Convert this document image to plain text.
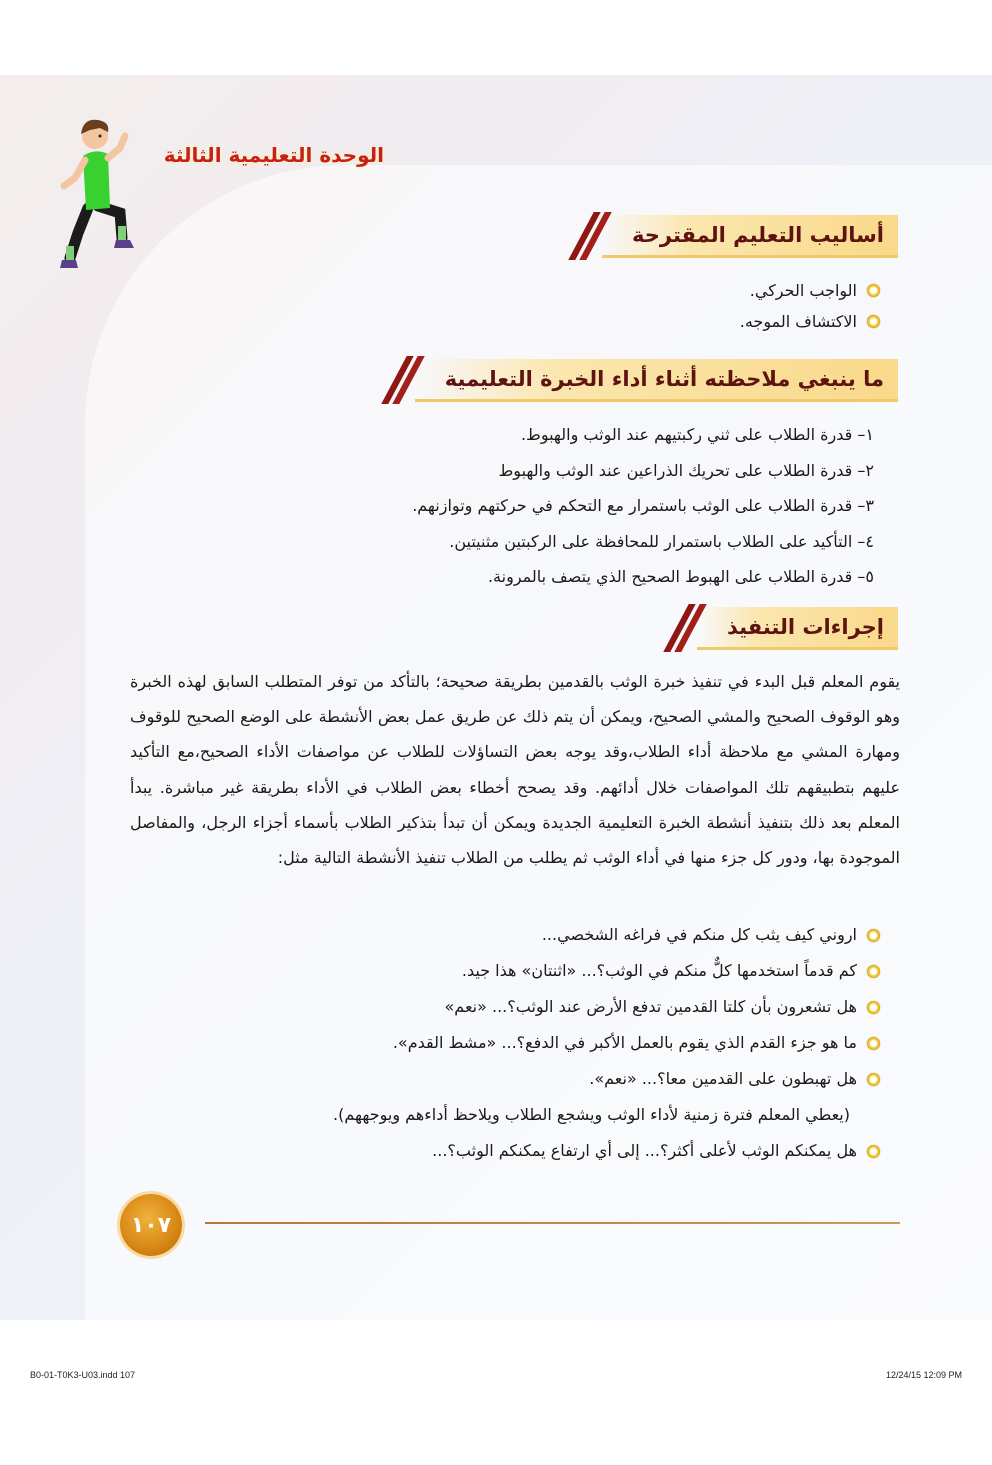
الوحدة التعليمية الثالثة
أساليب التعليم المقترحة
الواجب الحركي.
الاكتشاف الموجه.
ما ينبغي ملاحظته أثناء أداء الخبرة التعليمية
١– قدرة الطلاب على ثني ركبتيهم عند الوثب والهبوط.
٢– قدرة الطلاب على تحريك الذراعين عند الوثب والهبوط
٣– قدرة الطلاب على الوثب باستمرار مع التحكم في حركتهم وتوازنهم.
٤– التأكيد على الطلاب باستمرار للمحافظة على الركبتين مثنيتين.
٥– قدرة الطلاب على الهبوط الصحيح الذي يتصف بالمرونة.
إجراءات التنفيذ
يقوم المعلم قبل البدء في تنفيذ خبرة الوثب بالقدمين بطريقة صحيحة؛ بالتأكد من توفر المتطلب السابق لهذه الخبرة وهو الوقوف الصحيح والمشي الصحيح، ويمكن أن يتم ذلك عن طريق عمل بعض الأنشطة على الوضع الصحيح للوقوف ومهارة المشي مع ملاحظة أداء الطلاب،وقد يوجه بعض التساؤلات للطلاب عن مواصفات الأداء الصحيح،مع التأكيد عليهم بتطبيقهم تلك المواصفات خلال أدائهم. وقد يصحح أخطاء بعض الطلاب في الأداء بطريقة غير مباشرة. يبدأ المعلم بعد ذلك بتنفيذ أنشطة الخبرة التعليمية الجديدة ويمكن أن تبدأ بتذكير الطلاب بأسماء أجزاء الرجل، والمفاصل الموجودة بها، ودور كل جزء منها في أداء الوثب ثم يطلب من الطلاب تنفيذ الأنشطة التالية مثل:
اروني كيف يثب كل منكم في فراغه الشخصي...
كم قدماً استخدمها كلٌّ منكم في الوثب؟... «اثنتان» هذا جيد.
هل تشعرون بأن كلتا القدمين تدفع الأرض عند الوثب؟... «نعم»
ما هو جزء القدم الذي يقوم بالعمل الأكبر في الدفع؟... «مشط القدم».
هل تهبطون على القدمين معا؟... «نعم».
(يعطي المعلم فترة زمنية لأداء الوثب ويشجع الطلاب ويلاحظ أداءهم ويوجههم).
هل يمكنكم الوثب لأعلى أكثر؟... إلى أي ارتفاع يمكنكم الوثب؟...
١٠٧
B0-01-T0K3-U03.indd 107	12/24/15 12:09 PM
